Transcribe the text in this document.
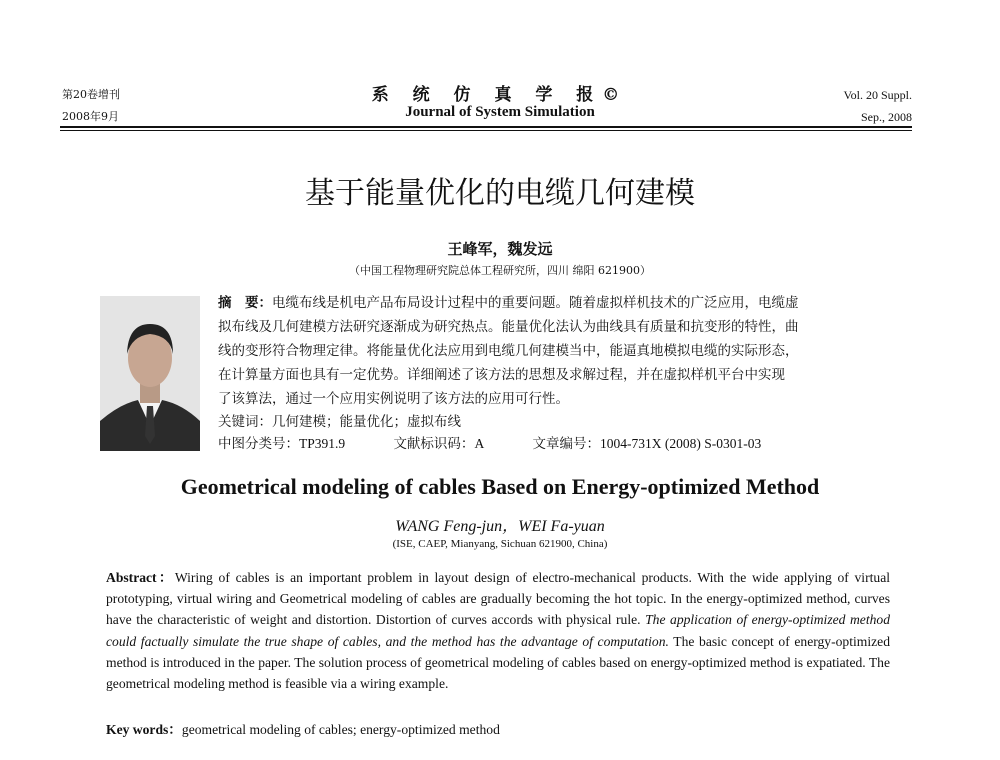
第20卷增刊
2008年9月
系 统 仿 真 学 报©
Journal of System Simulation
Vol. 20 Suppl.
Sep., 2008
基于能量优化的电缆几何建模
王峰军，魏发远
（中国工程物理研究院总体工程研究所，四川 绵阳 621900）
摘　要：电缆布线是机电产品布局设计过程中的重要问题。随着虚拟样机技术的广泛应用，电缆虚
拟布线及几何建模方法研究逐渐成为研究热点。能量优化法认为曲线具有质量和抗变形的特性，曲
线的变形符合物理定律。将能量优化法应用到电缆几何建模当中，能逼真地模拟电缆的实际形态，
在计算量方面也具有一定优势。详细阐述了该方法的思想及求解过程，并在虚拟样机平台中实现
了该算法，通过一个应用实例说明了该方法的应用可行性。
关键词：几何建模；能量优化；虚拟布线
中图分类号：TP391.9	文献标识码：A	文章编号：1004-731X (2008) S-0301-03
Geometrical modeling of cables Based on Energy-optimized Method
WANG Feng-jun，WEI Fa-yuan
(ISE, CAEP, Mianyang, Sichuan 621900, China)
Abstract：Wiring of cables is an important problem in layout design of electro-mechanical products. With the wide applying of virtual prototyping, virtual wiring and Geometrical modeling of cables are gradually becoming the hot topic. In the energy-optimized method, curves have the characteristic of weight and distortion. Distortion of curves accords with physical rule. The application of energy-optimized method could factually simulate the true shape of cables, and the method has the advantage of computation. The basic concept of energy-optimized method is introduced in the paper. The solution process of geometrical modeling of cables based on energy-optimized method is expatiated. The geometrical modeling method is feasible via a wiring example.
Key words：geometrical modeling of cables; energy-optimized method
